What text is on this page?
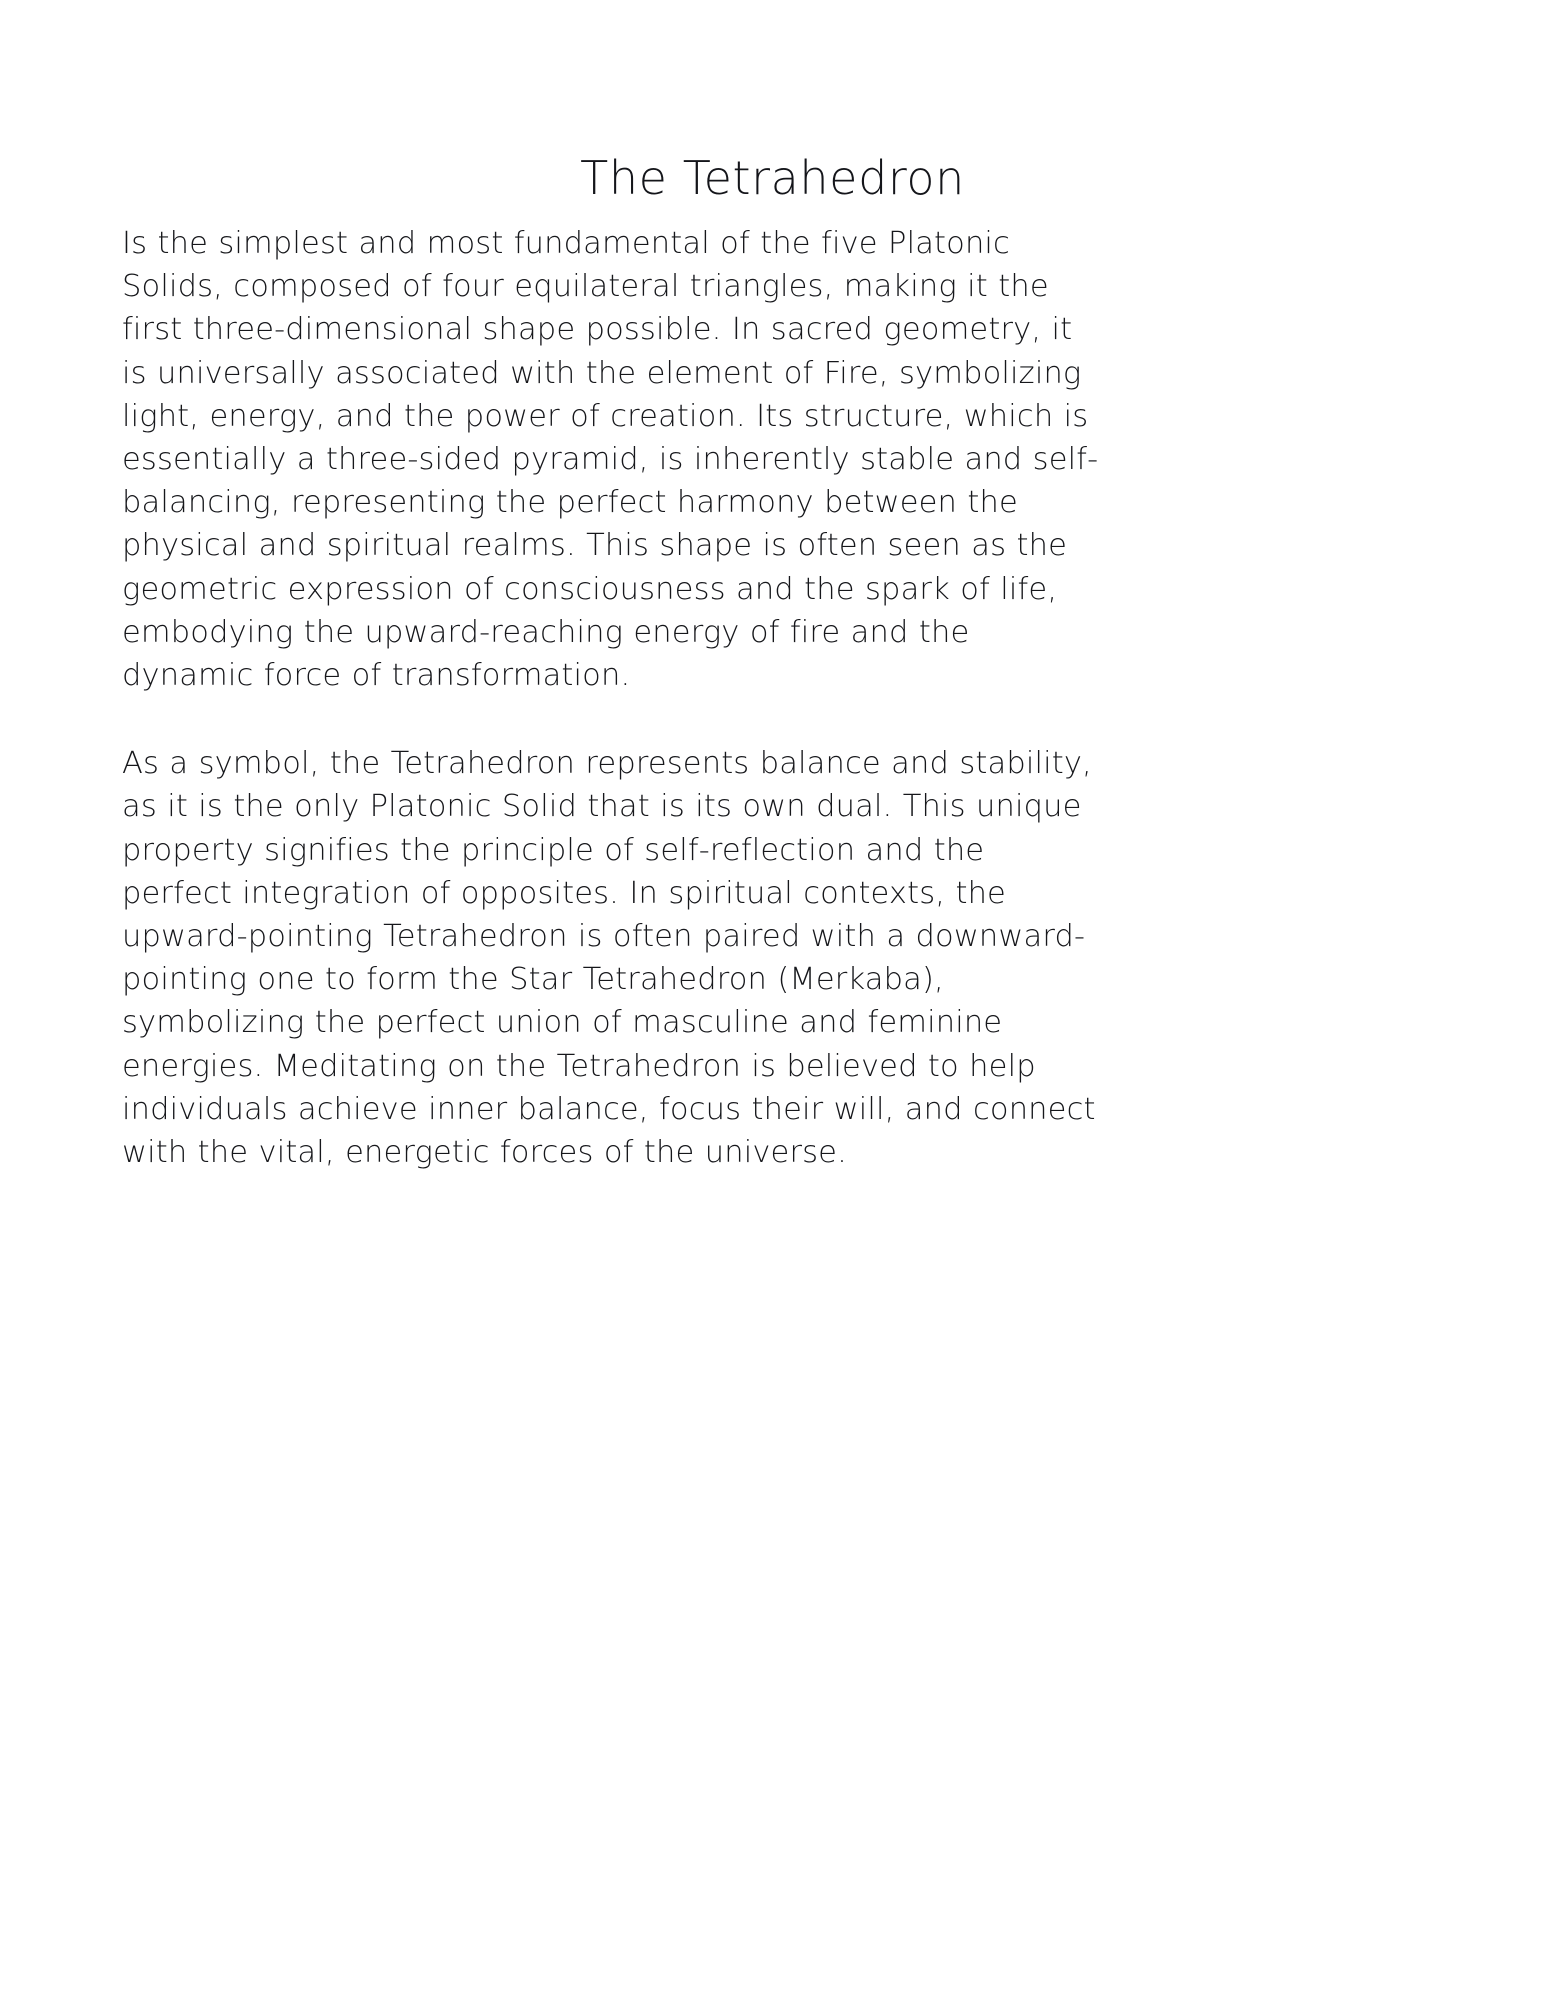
The Tetrahedron

Is the simplest and most fundamental of the five Platonic Solids, composed of four equilateral triangles, making it the first three-dimensional shape possible. In sacred geometry, it is universally associated with the element of Fire, symbolizing light, energy, and the power of creation. Its structure, which is essentially a three-sided pyramid, is inherently stable and self-balancing, representing the perfect harmony between the physical and spiritual realms. This shape is often seen as the geometric expression of consciousness and the spark of life, embodying the upward-reaching energy of fire and the dynamic force of transformation.

As a symbol, the Tetrahedron represents balance and stability, as it is the only Platonic Solid that is its own dual. This unique property signifies the principle of self-reflection and the perfect integration of opposites. In spiritual contexts, the upward-pointing Tetrahedron is often paired with a downward-pointing one to form the Star Tetrahedron (Merkaba), symbolizing the perfect union of masculine and feminine energies. Meditating on the Tetrahedron is believed to help individuals achieve inner balance, focus their will, and connect with the vital, energetic forces of the universe.
